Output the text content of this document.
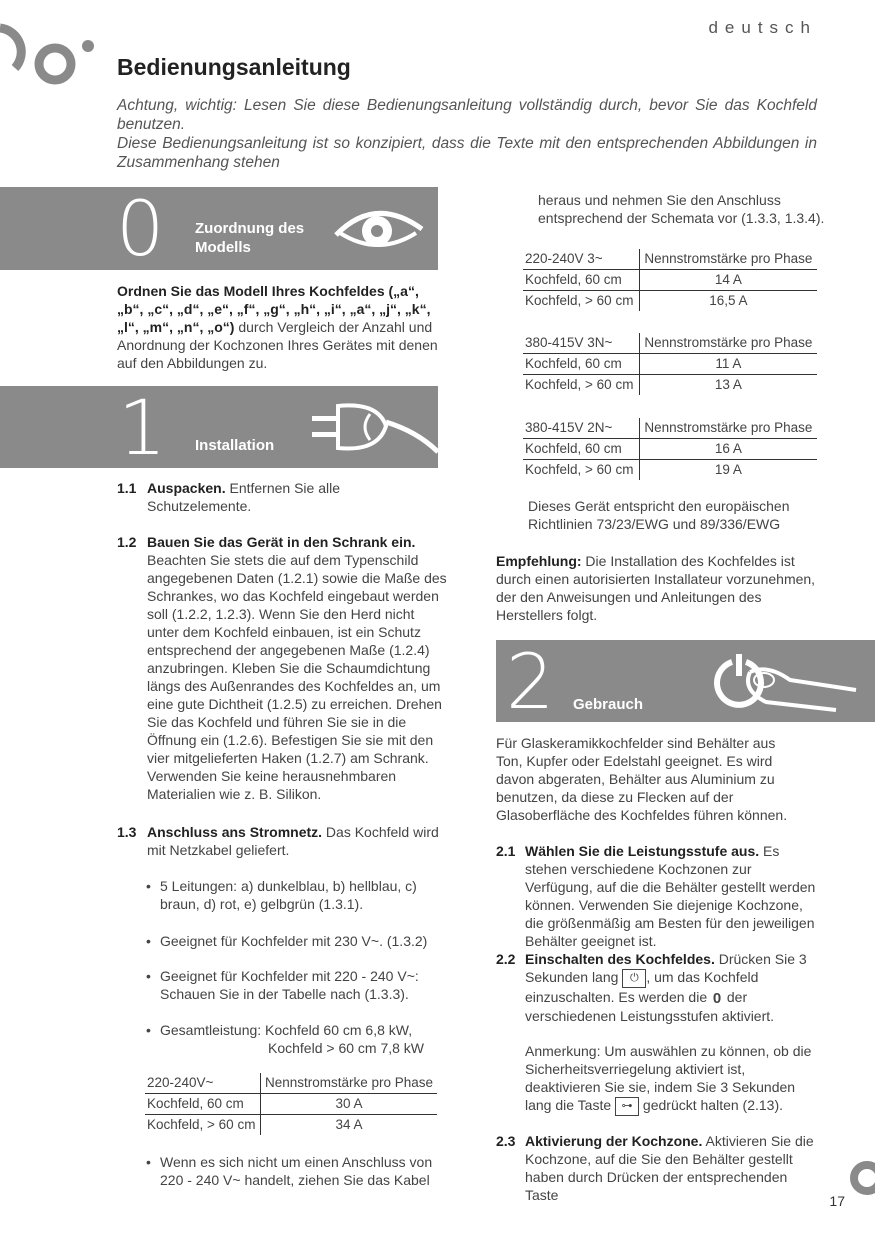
deutsch
Bedienungsanleitung

Achtung, wichtig: Lesen Sie diese Bedienungsanleitung vollständig durch, bevor Sie das Kochfeld benutzen.

Diese Bedienungsanleitung ist so konzipiert, dass die Texte mit den entsprechenden Abbildungen in Zusammenhang stehen

0 Zuordnung des
Modells
Ordnen Sie das Modell Ihres Kochfeldes („a“, „b“, „c“, „d“, „e“, „f“, „g“, „h“, „i“, „a“, „j“, „k“, „l“, „m“, „n“, „o“) durch Vergleich der Anzahl und Anordnung der Kochzonen Ihres Gerätes mit denen auf den Abbildungen zu.
1 Installation
1.1 Auspacken. Entfernen Sie alle Schutzelemente.
1.2 Bauen Sie das Gerät in den Schrank ein. Beachten Sie stets die auf dem Typenschild angegebenen Daten (1.2.1) sowie die Maße des Schrankes, wo das Kochfeld eingebaut werden soll (1.2.2, 1.2.3). Wenn Sie den Herd nicht unter dem Kochfeld einbauen, ist ein Schutz entsprechend der angegebenen Maße (1.2.4) anzubringen. Kleben Sie die Schaumdichtung längs des Außenrandes des Kochfeldes an, um eine gute Dichtheit (1.2.5) zu erreichen. Drehen Sie das Kochfeld und führen Sie sie in die Öffnung ein (1.2.6). Befestigen Sie sie mit den vier mitgelieferten Haken (1.2.7) am Schrank. Verwenden Sie keine herausnehmbaren Materialien wie z. B. Silikon.
1.3 Anschluss ans Stromnetz. Das Kochfeld wird mit Netzkabel geliefert.
• 5 Leitungen: a) dunkelblau, b) hellblau, c) braun, d) rot, e) gelbgrün (1.3.1).
• Geeignet für Kochfelder mit 230 V~. (1.3.2)
• Geeignet für Kochfelder mit 220 - 240 V~: Schauen Sie in der Tabelle nach (1.3.3).
• Gesamtleistung: Kochfeld 60 cm 6,8 kW,
Kochfeld > 60 cm 7,8 kW
220-240V~	Nennstromstärke pro Phase
Kochfeld, 60 cm	30 A
Kochfeld, > 60 cm	34 A
• Wenn es sich nicht um einen Anschluss von 220 - 240 V~ handelt, ziehen Sie das Kabel
heraus und nehmen Sie den Anschluss entsprechend der Schemata vor (1.3.3, 1.3.4).
220-240V 3~	Nennstromstärke pro Phase
Kochfeld, 60 cm	14 A
Kochfeld, > 60 cm	16,5 A
380-415V 3N~	Nennstromstärke pro Phase
Kochfeld, 60 cm	11 A
Kochfeld, > 60 cm	13 A
380-415V 2N~	Nennstromstärke pro Phase
Kochfeld, 60 cm	16 A
Kochfeld, > 60 cm	19 A
Dieses Gerät entspricht den europäischen Richtlinien 73/23/EWG und 89/336/EWG
Empfehlung: Die Installation des Kochfeldes ist durch einen autorisierten Installateur vorzunehmen, der den Anweisungen und Anleitungen des Herstellers folgt.
2 Gebrauch
Für Glaskeramikkochfelder sind Behälter aus Ton, Kupfer oder Edelstahl geeignet. Es wird davon abgeraten, Behälter aus Aluminium zu benutzen, da diese zu Flecken auf der Glasoberfläche des Kochfeldes führen können.
2.1 Wählen Sie die Leistungsstufe aus. Es stehen verschiedene Kochzonen zur Verfügung, auf die die Behälter gestellt werden können. Verwenden Sie diejenige Kochzone, die größenmäßig am Besten für den jeweiligen Behälter geeignet ist.
2.2 Einschalten des Kochfeldes. Drücken Sie 3 Sekunden lang ⏻ , um das Kochfeld einzuschalten. Es werden die 0 der verschiedenen Leistungsstufen aktiviert.
Anmerkung: Um auswählen zu können, ob die Sicherheitsverriegelung aktiviert ist, deaktivieren Sie sie, indem Sie 3 Sekunden lang die Taste ⊶ gedrückt halten (2.13).
2.3 Aktivierung der Kochzone. Aktivieren Sie die Kochzone, auf die Sie den Behälter gestellt haben durch Drücken der entsprechenden Taste	17
